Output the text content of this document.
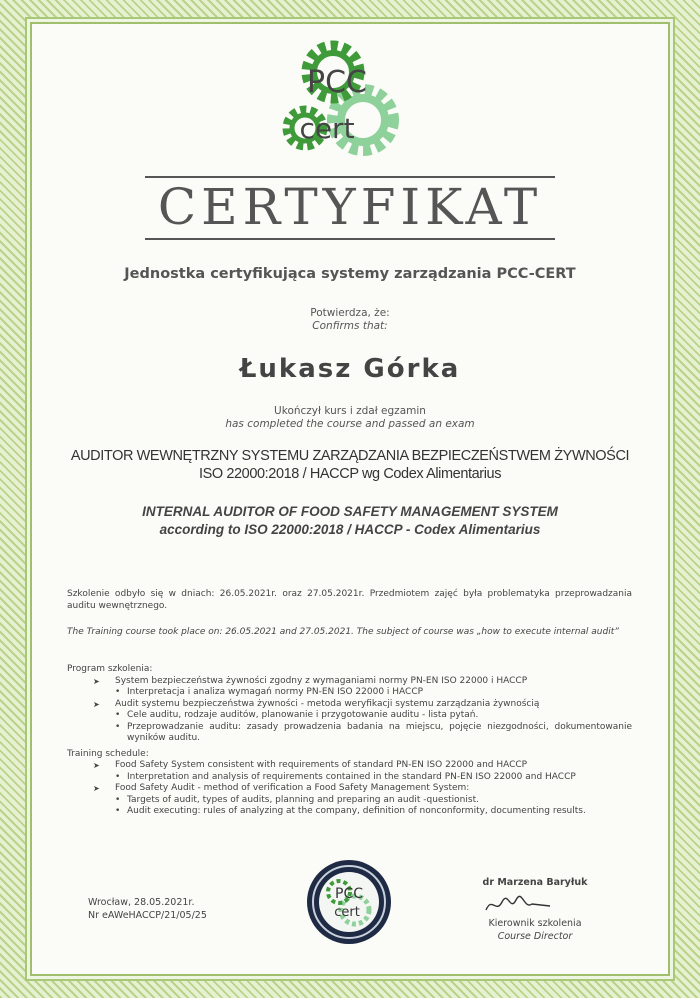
PCC
cert
CERTYFIKAT
Jednostka certyfikująca systemy zarządzania PCC-CERT
Potwierdza, że:
Confirms that:
Łukasz Górka
Ukończył kurs i zdał egzamin
has completed the course and passed an exam
AUDITOR WEWNĘTRZNY SYSTEMU ZARZĄDZANIA BEZPIECZEŃSTWEM ŻYWNOŚCI
ISO 22000:2018 / HACCP wg Codex Alimentarius
INTERNAL AUDITOR OF FOOD SAFETY MANAGEMENT SYSTEM
according to ISO 22000:2018 / HACCP - Codex Alimentarius
Szkolenie odbyło się w dniach: 26.05.2021r. oraz 27.05.2021r. Przedmiotem zajęć była problematyka przeprowadzania auditu wewnętrznego.
The Training course took place on: 26.05.2021 and 27.05.2021. The subject of course was „how to execute internal audit”
Program szkolenia:
➤ System bezpieczeństwa żywności zgodny z wymaganiami normy PN-EN ISO 22000 i HACCP
• Interpretacja i analiza wymagań normy PN-EN ISO 22000 i HACCP
➤ Audit systemu bezpieczeństwa żywności - metoda weryfikacji systemu zarządzania żywnością
• Cele auditu, rodzaje auditów, planowanie i przygotowanie auditu - lista pytań.
• Przeprowadzanie auditu: zasady prowadzenia badania na miejscu, pojęcie niezgodności, dokumentowanie wyników auditu.
Training schedule:
➤ Food Safety System consistent with requirements of standard PN-EN ISO 22000 and HACCP
• Interpretation and analysis of requirements contained in the standard PN-EN ISO 22000 and HACCP
➤ Food Safety Audit - method of verification a Food Safety Management System:
• Targets of audit, types of audits, planning and preparing an audit -questionist.
• Audit executing: rules of analyzing at the company, definition of nonconformity, documenting results.
Wrocław, 28.05.2021r.
Nr eAWeHACCP/21/05/25
PCC
cert
dr Marzena Baryłuk
Kierownik szkolenia
Course Director
